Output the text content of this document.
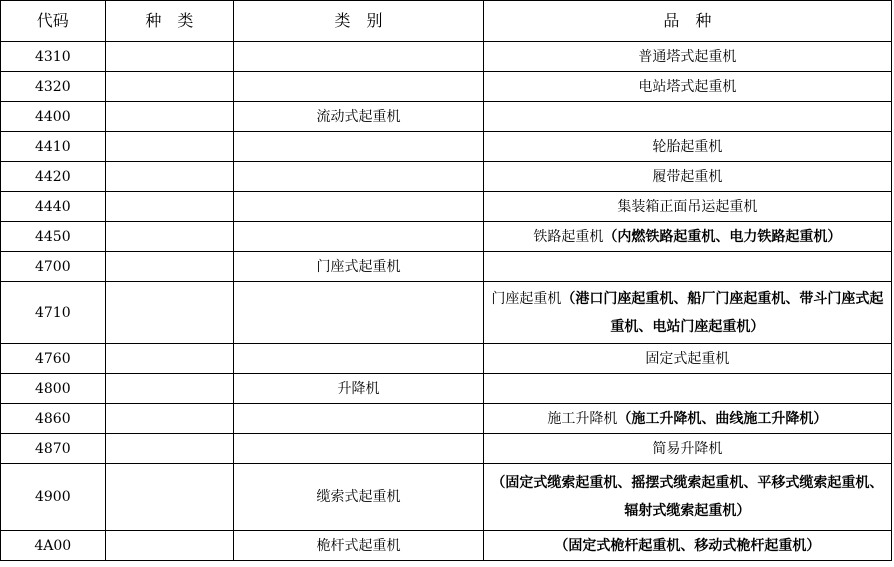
代码	种　类	类　别	品　种
4310			普通塔式起重机
4320			电站塔式起重机
4400		流动式起重机	
4410			轮胎起重机
4420			履带起重机
4440			集装箱正面吊运起重机
4450			铁路起重机（内燃铁路起重机、电力铁路起重机）
4700		门座式起重机	
4710			门座起重机（港口门座起重机、船厂门座起重机、带斗门座式起重机、电站门座起重机）
4760			固定式起重机
4800		升降机	
4860			施工升降机（施工升降机、曲线施工升降机）
4870			简易升降机
4900		缆索式起重机	（固定式缆索起重机、摇摆式缆索起重机、平移式缆索起重机、辐射式缆索起重机）
4A00		桅杆式起重机	（固定式桅杆起重机、移动式桅杆起重机）
